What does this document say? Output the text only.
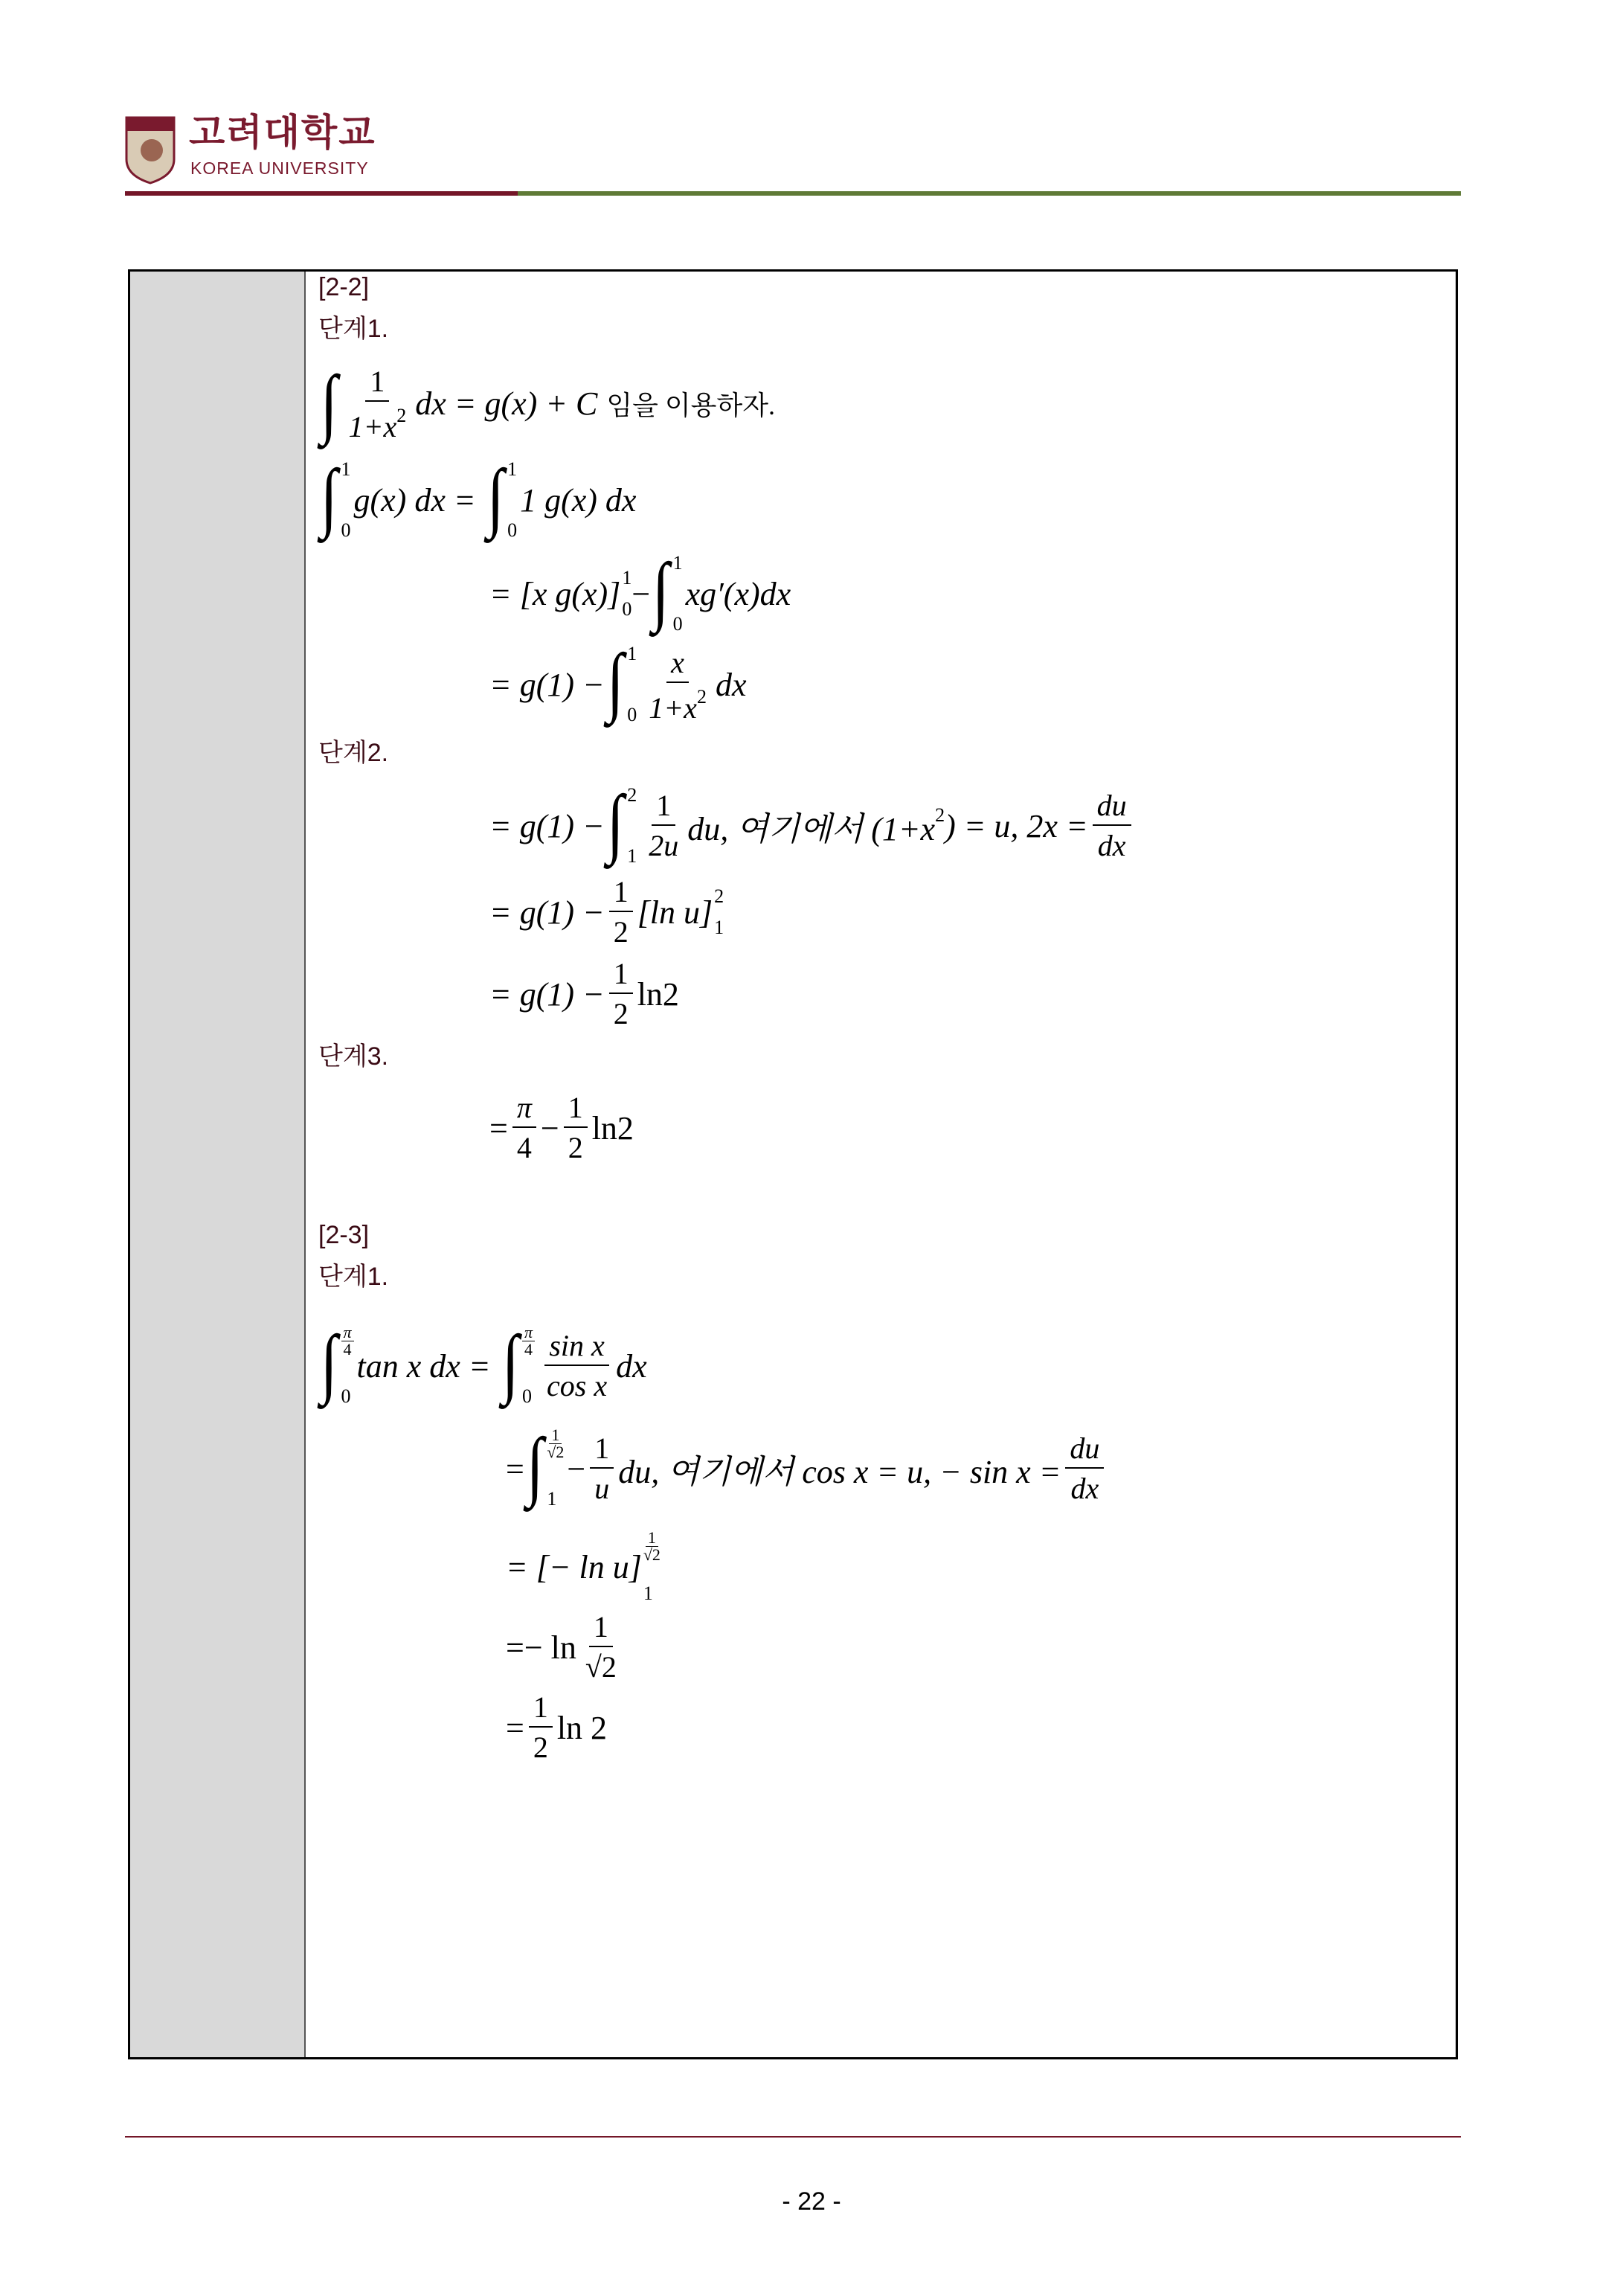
고려대학교
KOREA UNIVERSITY
[2-2]
단계1.
∫ $\frac{1}{1+x^2}$ dx = g(x) + C 임을 이용하자.
∫ 1
0
g(x) dx = ∫ 1
0
1 g(x) dx
= [x g(x)] 1
0 − ∫ 1
0
xg′(x)dx
= g(1) − ∫ 1
$0 \frac{x}{1+x^2}$ dx
단계2.
= g(1) − ∫ 2
$1 \frac{1}{2u}$ du, 여기에서 (1+x 2 ) = u, $2x = \frac{du}{dx}$
= $g(1) - \frac{1}{2} [\ln$ u] 2
1
= $g(1) - \frac{1}{2} \ln 2$
단계3.
= $\frac{\pi}{4} - \frac{1}{2} \ln 2$
[2-3]
단계1.
∫ $\frac{\pi}{4}$
0
tan x dx = ∫ $\frac{\pi}{4}$
$0 \frac{\text{sin x}}{\text{cos x}}$ dx
= ∫ $\frac{1}{√2}$
1
− $\frac{1}{u}$ du, 여기에서 cos x = u, − $\sin x = \frac{du}{dx}$
= [− ln u]
$\frac{1}{√2}$
1
=− $\ln \frac{1}{√2}$
= $\frac{1}{2}$ ln 2
- 22 -
